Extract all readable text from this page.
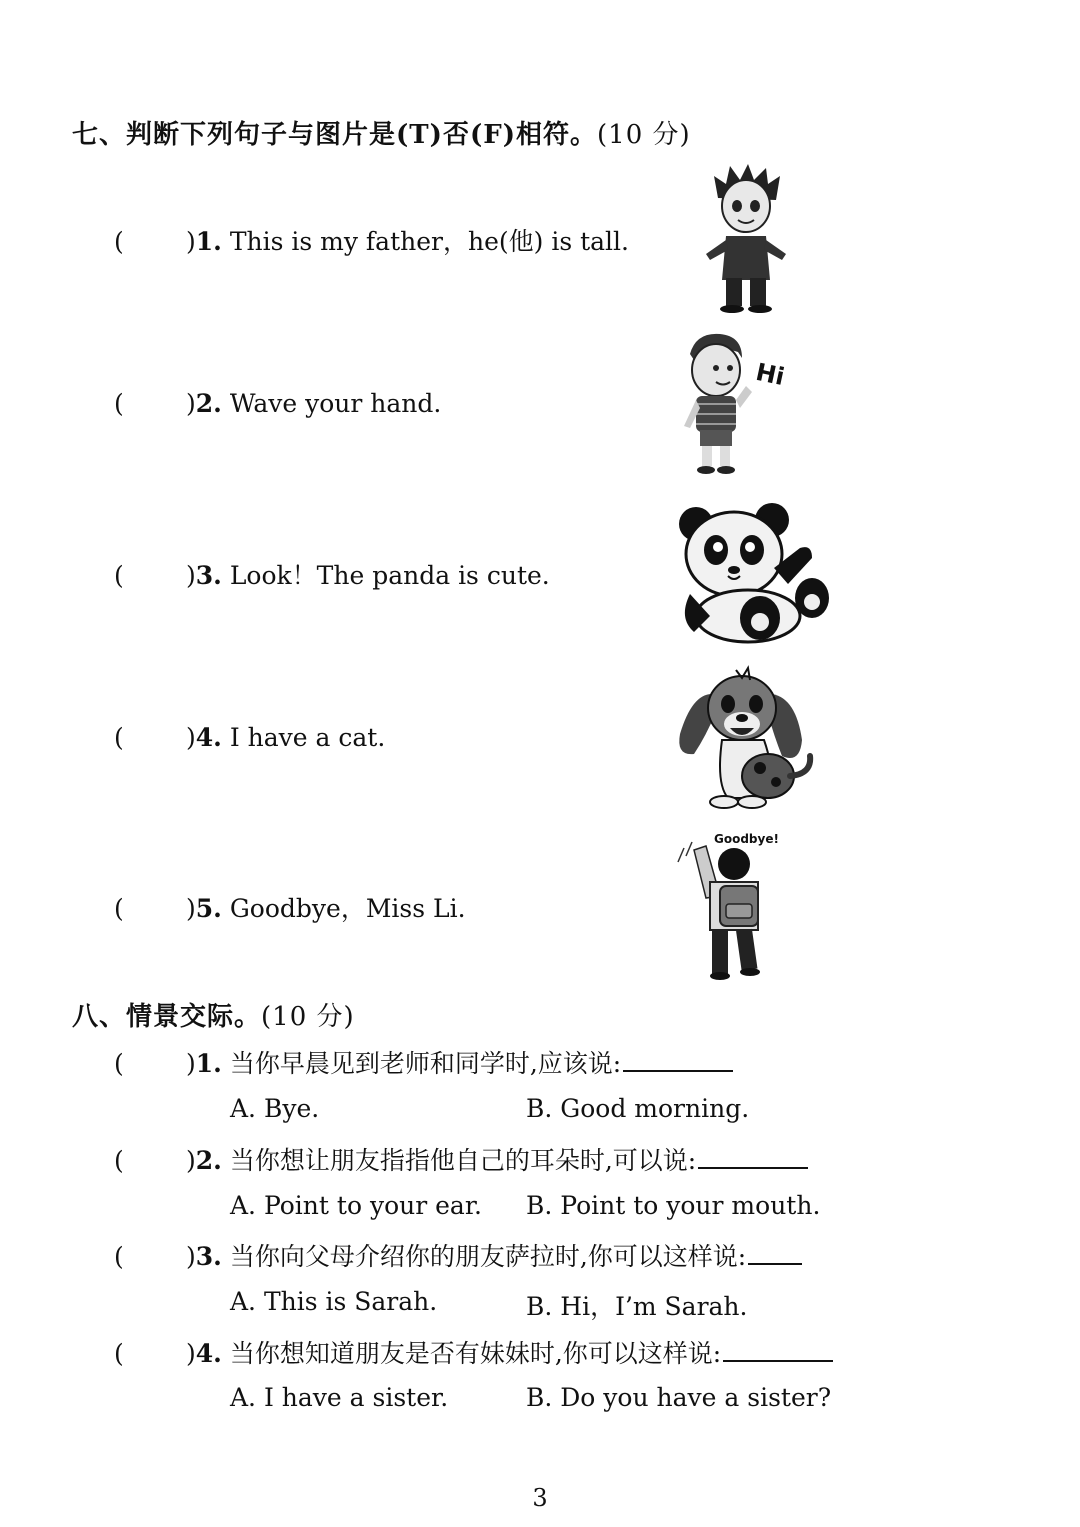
七、判断下列句子与图片是(T)否(F)相符。(10 分)
( )1. This is my father，he(他) is tall.
( )2. Wave your hand.
( )3. Look！The panda is cute.
( )4. I have a cat.
( )5. Goodbye，Miss Li.
Hi
Goodbye!
八、情景交际。(10 分)
( )1. 当你早晨见到老师和同学时,应该说:
A. Bye.	B. Good morning.
( )2. 当你想让朋友指指他自己的耳朵时,可以说:
A. Point to your ear. B. Point to your mouth.
( )3. 当你向父母介绍你的朋友萨拉时,你可以这样说:
A. This is Sarah.	B. Hi，I’m Sarah.
( )4. 当你想知道朋友是否有妹妹时,你可以这样说:
A. I have a sister.	B. Do you have a sister?
3
